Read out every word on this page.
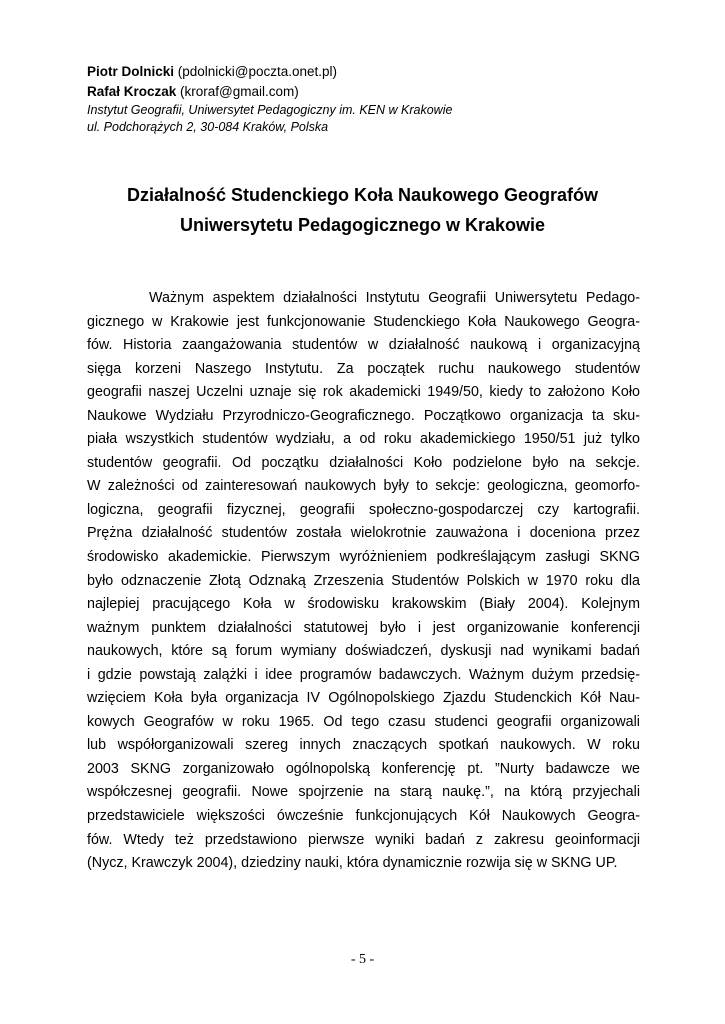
Piotr Dolnicki (pdolnicki@poczta.onet.pl)
Rafał Kroczak (kroraf@gmail.com)
Instytut Geografii, Uniwersytet Pedagogiczny im. KEN w Krakowie
ul. Podchorążych 2, 30-084 Kraków, Polska
Działalność Studenckiego Koła Naukowego Geografów
Uniwersytetu Pedagogicznego w Krakowie
Ważnym aspektem działalności Instytutu Geografii Uniwersytetu Pedago-
gicznego w Krakowie jest funkcjonowanie Studenckiego Koła Naukowego Geogra-
fów. Historia zaangażowania studentów w działalność naukową i organizacyjną
sięga korzeni Naszego Instytutu. Za początek ruchu naukowego studentów
geografii naszej Uczelni uznaje się rok akademicki 1949/50, kiedy to założono Koło
Naukowe Wydziału Przyrodniczo-Geograficznego. Początkowo organizacja ta sku-
piała wszystkich studentów wydziału, a od roku akademickiego 1950/51 już tylko
studentów geografii. Od początku działalności Koło podzielone było na sekcje.
W zależności od zainteresowań naukowych były to sekcje: geologiczna, geomorfo-
logiczna, geografii fizycznej, geografii społeczno-gospodarczej czy kartografii.
Prężna działalność studentów została wielokrotnie zauważona i doceniona przez
środowisko akademickie. Pierwszym wyróżnieniem podkreślającym zasługi SKNG
było odznaczenie Złotą Odznaką Zrzeszenia Studentów Polskich w 1970 roku dla
najlepiej pracującego Koła w środowisku krakowskim (Biały 2004). Kolejnym
ważnym punktem działalności statutowej było i jest organizowanie konferencji
naukowych, które są forum wymiany doświadczeń, dyskusji nad wynikami badań
i gdzie powstają zalążki i idee programów badawczych. Ważnym dużym przedsię-
wzięciem Koła była organizacja IV Ogólnopolskiego Zjazdu Studenckich Kół Nau-
kowych Geografów w roku 1965. Od tego czasu studenci geografii organizowali
lub współorganizowali szereg innych znaczących spotkań naukowych. W roku
2003 SKNG zorganizowało ogólnopolską konferencję pt. ”Nurty badawcze we
współczesnej geografii. Nowe spojrzenie na starą naukę.”, na którą przyjechali
przedstawiciele większości ówcześnie funkcjonujących Kół Naukowych Geogra-
fów. Wtedy też przedstawiono pierwsze wyniki badań z zakresu geoinformacji
(Nycz, Krawczyk 2004), dziedziny nauki, która dynamicznie rozwija się w SKNG UP.
- 5 -
